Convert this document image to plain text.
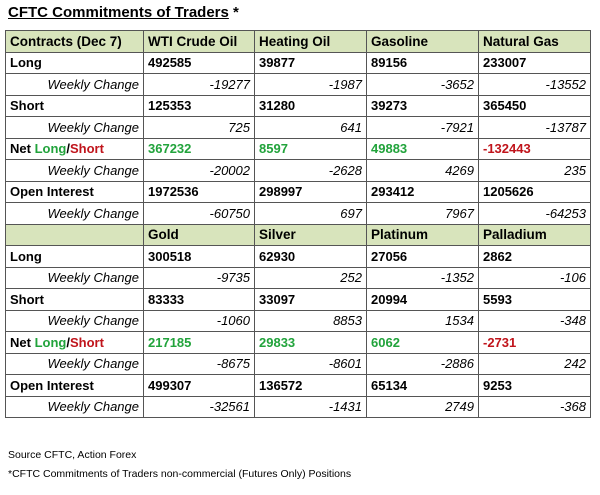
CFTC Commitments of Traders *
Contracts (Dec 7)	WTI Crude Oil	Heating Oil	Gasoline	Natural Gas
Long	492585	39877	89156	233007
Weekly Change	-19277	-1987	-3652	-13552
Short	125353	31280	39273	365450
Weekly Change	725	641	-7921	-13787
Net Long/Short	367232	8597	49883	-132443
Weekly Change	-20002	-2628	4269	235
Open Interest	1972536	298997	293412	1205626
Weekly Change	-60750	697	7967	-64253
	Gold	Silver	Platinum	Palladium
Long	300518	62930	27056	2862
Weekly Change	-9735	252	-1352	-106
Short	83333	33097	20994	5593
Weekly Change	-1060	8853	1534	-348
Net Long/Short	217185	29833	6062	-2731
Weekly Change	-8675	-8601	-2886	242
Open Interest	499307	136572	65134	9253
Weekly Change	-32561	-1431	2749	-368
Source CFTC, Action Forex
*CFTC Commitments of Traders non-commercial (Futures Only) Positions
